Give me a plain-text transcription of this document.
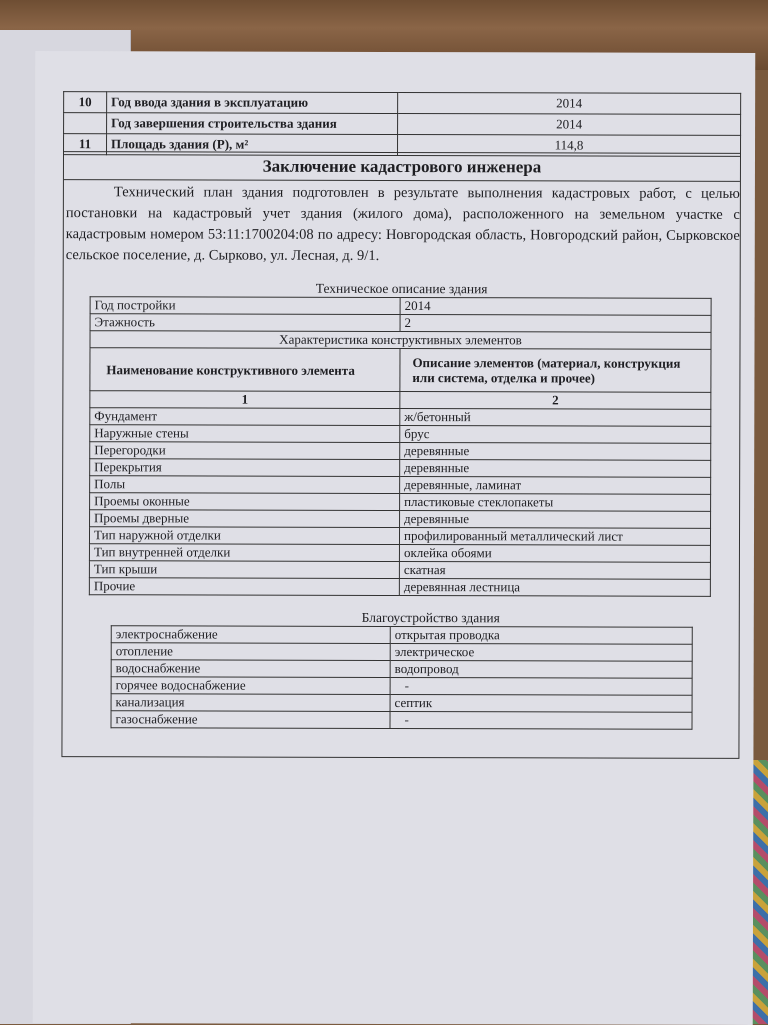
10	Год ввода здания в эксплуатацию	2014
	Год завершения строительства здания	2014
11	Площадь здания (Р), м²	114,8
Заключение кадастрового инженера
Технический план здания подготовлен в результате выполнения кадастровых работ, с целью постановки на кадастровый учет здания (жилого дома), расположенного на земельном участке с кадастровым номером 53:11:1700204:08 по адресу: Новгородская область, Новгородский район, Сырковское сельское поселение, д. Сырково, ул. Лесная, д. 9/1.
Техническое описание здания
Год постройки	2014
Этажность	2
Характеристика конструктивных элементов	
Наименование конструктивного элемента	Описание элементов (материал, конструкция или система, отделка и прочее)
1	2
Фундамент	ж/бетонный
Наружные стены	брус
Перегородки	деревянные
Перекрытия	деревянные
Полы	деревянные, ламинат
Проемы оконные	пластиковые стеклопакеты
Проемы дверные	деревянные
Тип наружной отделки	профилированный металлический лист
Тип внутренней отделки	оклейка обоями
Тип крыши	скатная
Прочие	деревянная лестница
Благоустройство здания
электроснабжение	открытая проводка
отопление	электрическое
водоснабжение	водопровод
горячее водоснабжение	-
канализация	септик
газоснабжение	-
